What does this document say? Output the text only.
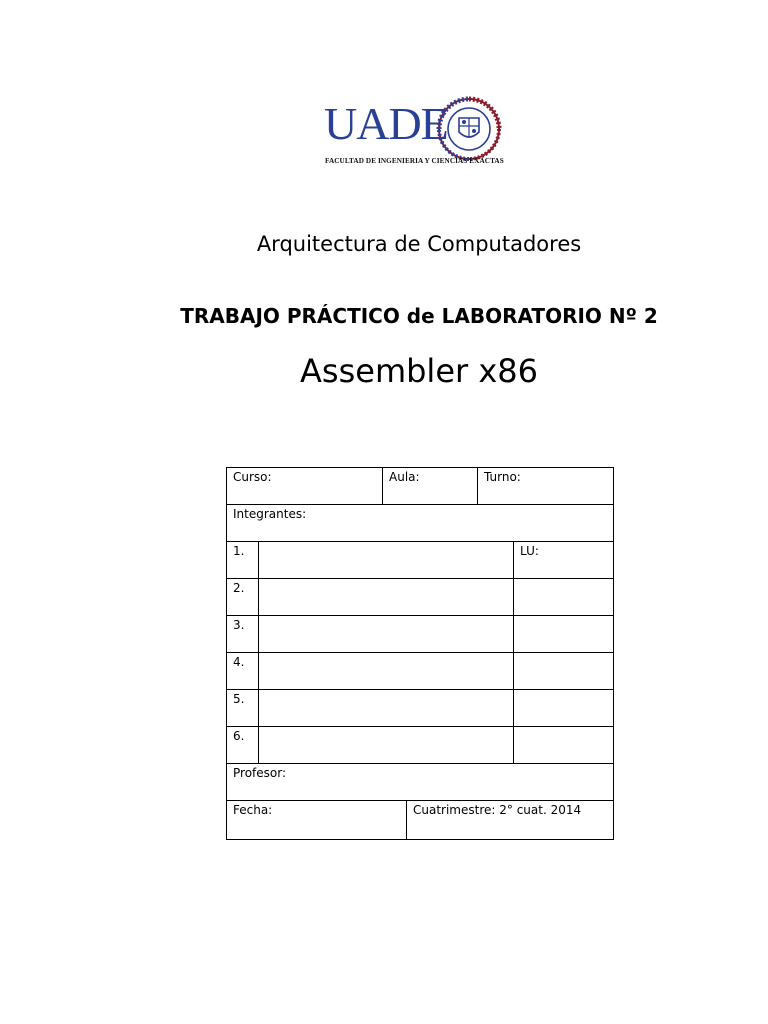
UADE
FACULTAD DE INGENIERIA Y CIENCIAS EXACTAS
Arquitectura de Computadores
TRABAJO PRÁCTICO de LABORATORIO Nº 2
Assembler x86
Curso:		Aula:		Turno:	
Integrantes:					
1.					LU:
2.					
3.					
4.					
5.					
6.					
Profesor:					
Fecha:			Cuatrimestre: 2° cuat. 2014		
